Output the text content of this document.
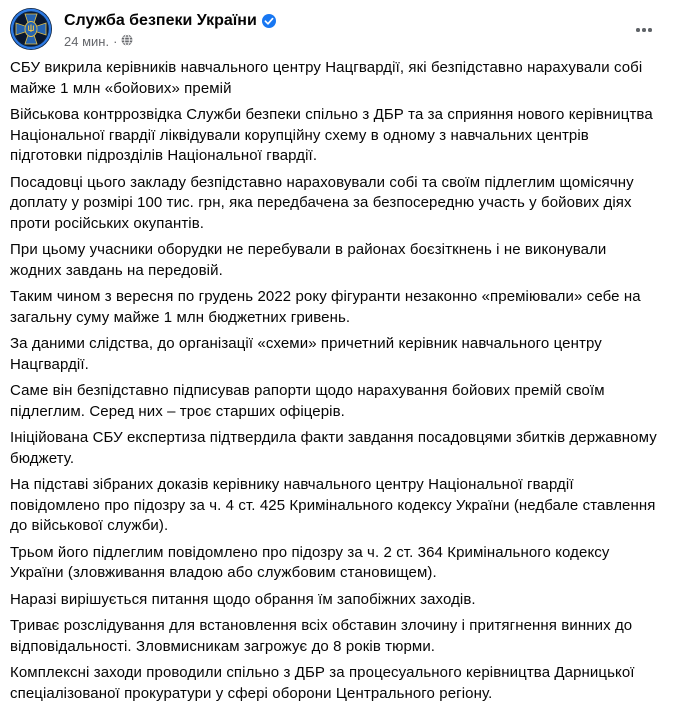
Служба безпеки України
24 мин. ·

СБУ викрила керівників навчального центру Нацгвардії, які безпідставно нарахували собі майже 1 млн «бойових» премій

Військова контррозвідка Служби безпеки спільно з ДБР та за сприяння нового керівництва Національної гвардії ліквідували корупційну схему в одному з навчальних центрів підготовки підрозділів Національної гвардії.

Посадовці цього закладу безпідставно нараховували собі та своїм підлеглим щомісячну доплату у розмірі 100 тис. грн, яка передбачена за безпосередню участь у бойових діях проти російських окупантів.

При цьому учасники оборудки не перебували в районах боєзіткнень і не виконували жодних завдань на передовій.

Таким чином з вересня по грудень 2022 року фігуранти незаконно «преміювали» себе на загальну суму майже 1 млн бюджетних гривень.

За даними слідства, до організації «схеми» причетний керівник навчального центру Нацгвардії.

Саме він безпідставно підписував рапорти щодо нарахування бойових премій своїм підлеглим. Серед них – троє старших офіцерів.

Ініційована СБУ експертиза підтвердила факти завдання посадовцями збитків державному бюджету.

На підставі зібраних доказів керівнику навчального центру Національної гвардії повідомлено про підозру за ч. 4 ст. 425 Кримінального кодексу України (недбале ставлення до військової служби).

Трьом його підлеглим повідомлено про підозру за ч. 2 ст. 364 Кримінального кодексу України (зловживання владою або службовим становищем).

Наразі вирішується питання щодо обрання їм запобіжних заходів.

Триває розслідування для встановлення всіх обставин злочину і притягнення винних до відповідальності. Зловмисникам загрожує до 8 років тюрми.

Комплексні заходи проводили спільно з ДБР за процесуального керівництва Дарницької спеціалізованої прокуратури у сфері оборони Центрального регіону.
